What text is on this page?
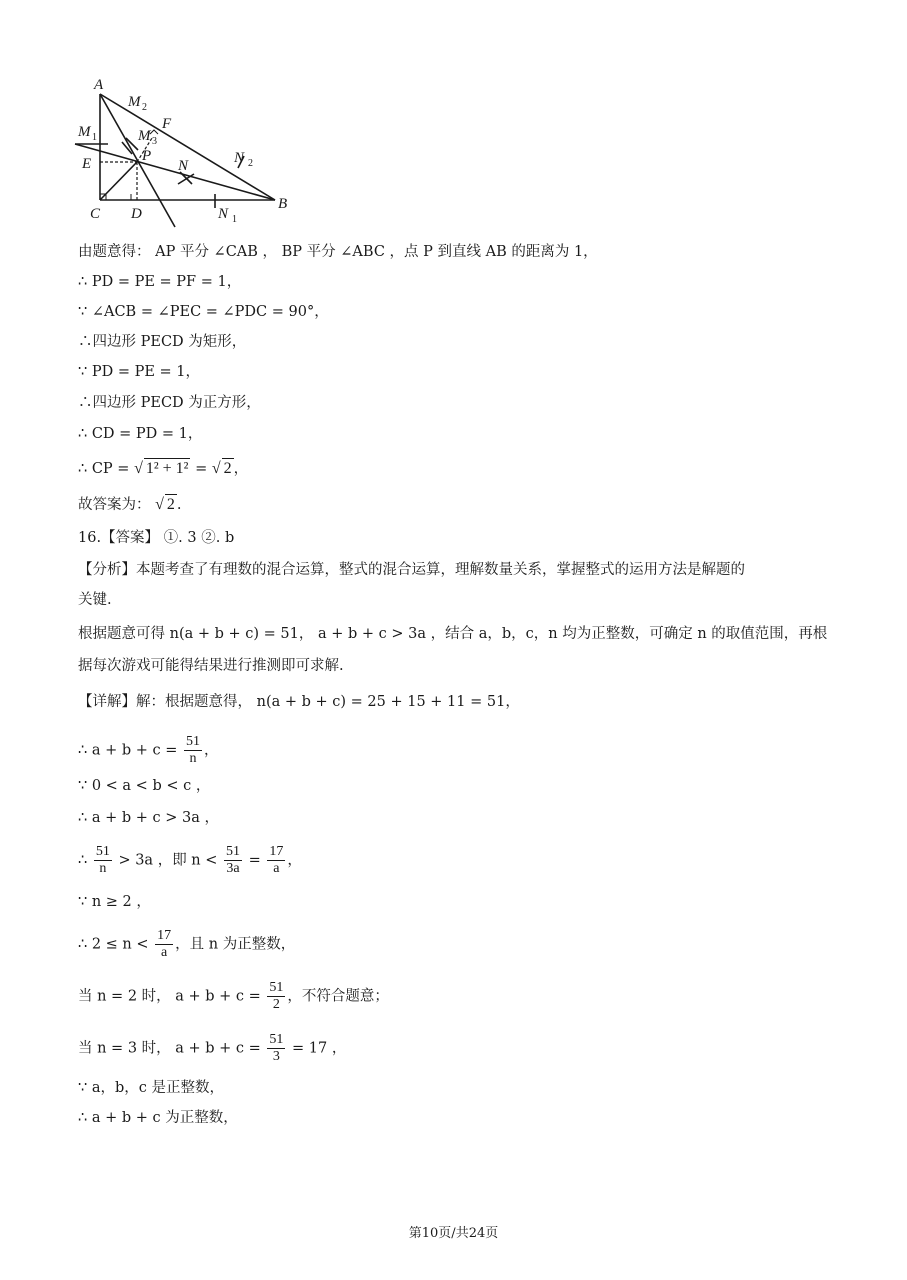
A
B
C D
E
F
P
M 1
M 2
M 3
N	N 2
N 1
由题意得： AP 平分 ∠CAB ， BP 平分 ∠ABC ，点 P 到直线 AB 的距离为 1，
∴ PD = PE = PF = 1，
∵ ∠ACB = ∠PEC = ∠PDC = 90°，
∴四边形 PECD 为矩形，
∵ PD = PE = 1，
∴四边形 PECD 为正方形，
∴ CD = PD = 1，
∴ CP = √ 1² + 1² = √ 2 ，
故答案为： √ 2 .
16.【答案】 ①. 3 ②. b
【分析】本题考查了有理数的混合运算，整式的混合运算，理解数量关系，掌握整式的运用方法是解题的
关键.
根据题意可得 n(a + b + c) = 51， a + b + c > 3a ，结合 a，b，c，n 均为正整数，可确定 n 的取值范围，再根
据每次游戏可能得结果进行推测即可求解.
【详解】解：根据题意得， n(a + b + c) = 25 + 15 + 11 = 51，
∴ $a + b + c = \frac{51}{n}$ ，
∵ 0 < a < b < c ，
∴ a + b + c > 3a ，
∴ $\frac{51}{n} > 3a$ ，即 $n < \frac{51}{3a} = \frac{17}{a}$ ，
∵ n ≥ 2 ，
∴ $2 \le n < \frac{17}{a}$ ，且 n 为正整数，
当 n = 2 时， $a + b + c = \frac{51}{2}$ ，不符合题意；
当 n = 3 时， $a + b + c = \frac{51}{3} = 17$ ，
∵ a，b，c 是正整数，
∴ a + b + c 为正整数，
第10页/共24页
